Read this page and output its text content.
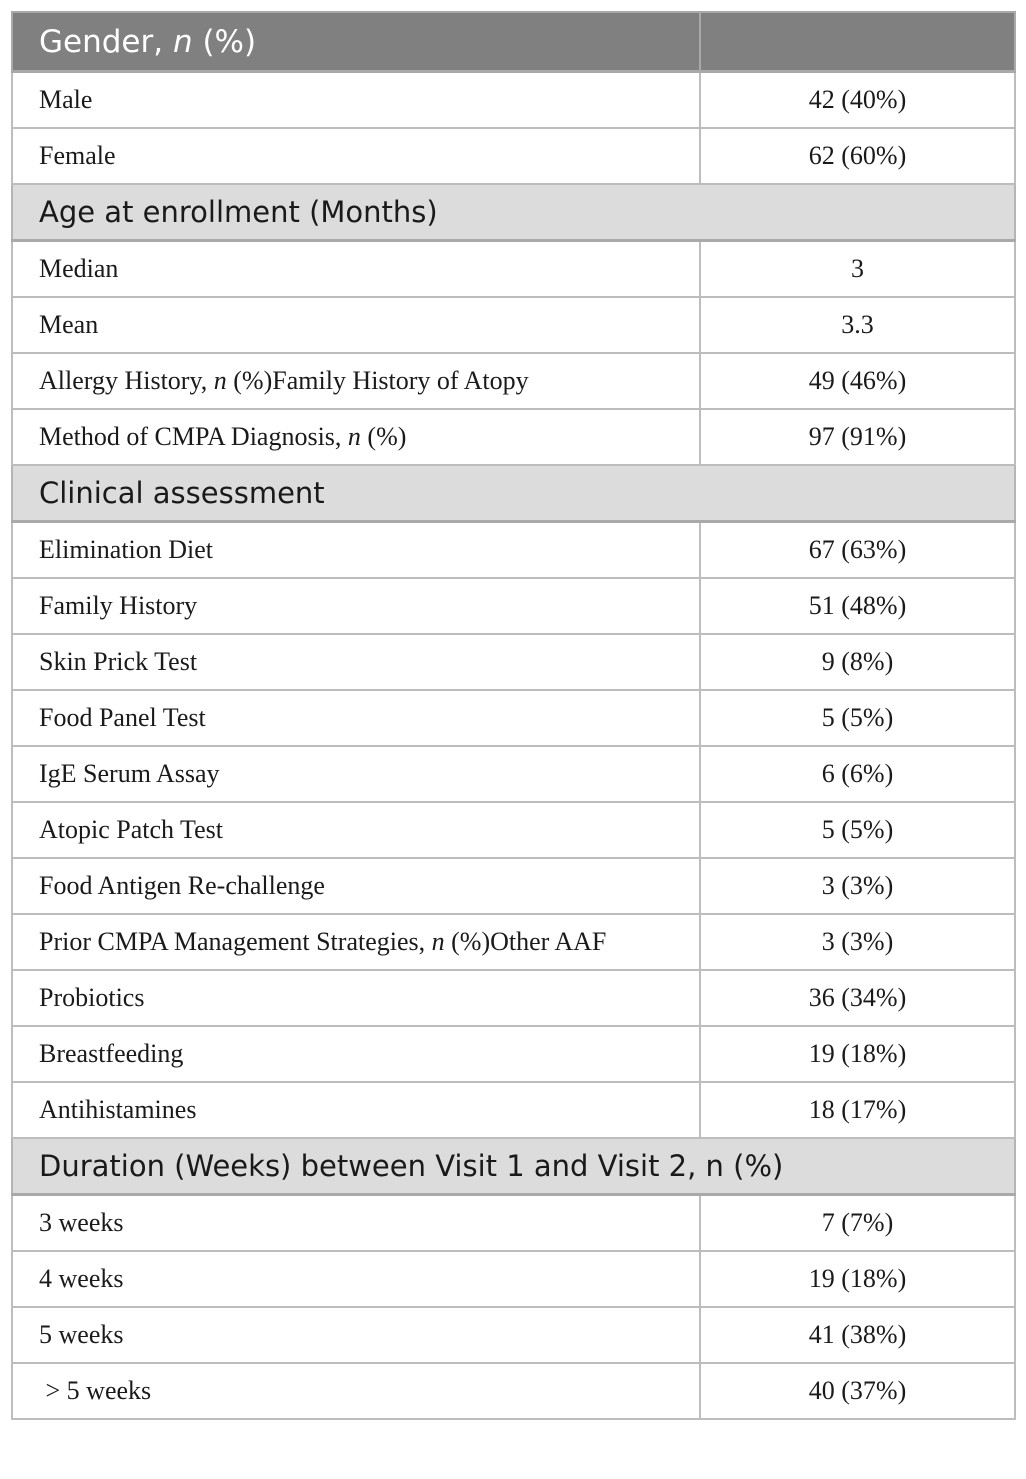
Gender, n (%)	
Male	42 (40%)
Female	62 (60%)
Age at enrollment (Months)	
Median	3
Mean	3.3
Allergy History, n (%)Family History of Atopy	49 (46%)
Method of CMPA Diagnosis, n (%)	97 (91%)
Clinical assessment	
Elimination Diet	67 (63%)
Family History	51 (48%)
Skin Prick Test	9 (8%)
Food Panel Test	5 (5%)
IgE Serum Assay	6 (6%)
Atopic Patch Test	5 (5%)
Food Antigen Re-challenge	3 (3%)
Prior CMPA Management Strategies, n (%)Other AAF	3 (3%)
Probiotics	36 (34%)
Breastfeeding	19 (18%)
Antihistamines	18 (17%)
Duration (Weeks) between Visit 1 and Visit 2, n (%)	
3 weeks	7 (7%)
4 weeks	19 (18%)
5 weeks	41 (38%)
> 5 weeks	40 (37%)
